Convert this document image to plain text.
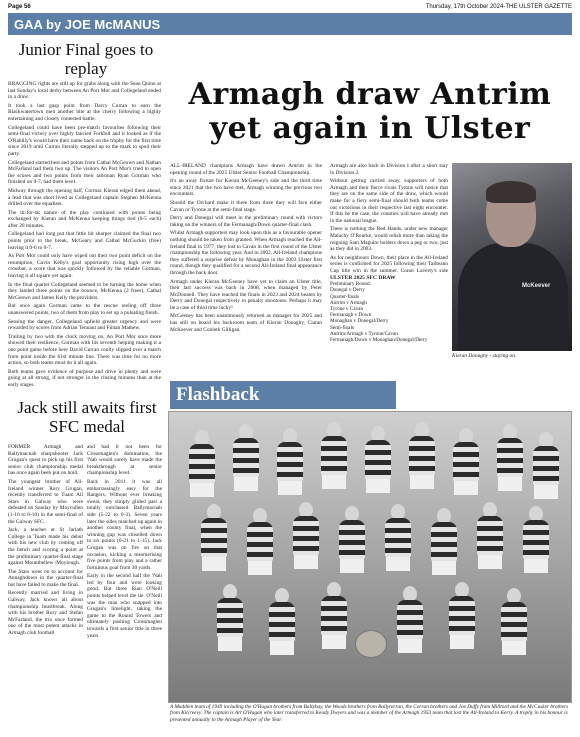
Page 56	Thursday, 17th October 2024-THE ULSTER GAZETTE
GAA by JOE McMANUS
Junior Final goes to replay

BRAGGING rights are still up for grabs along with the Sean Quinn at last Sunday's local derby between An Port Mor and Collegeland ended in a draw.

It took a last gasp point from Darcy Curran to earn the Blackwatertown men another bite at the cherry following a highly entertaining and closely contested battle.

Collegeland could have been pre-match favourites following their semi-final victory over highly fancied Forkhill and it looked as if the O'Rahilly's would have their name back on the trophy for the first time since 2019 until Curran literally stepped up to the mark to spoil their party.

Collegeland started best and points from Cathal McGeown and Nathan McFarland had them two up. The visitors An Port Mor's tried to open the scores and two points from their talisman Ryan Gorman who finished on 0-7, had them level.

Midway through the opening half, Cormac Kieran edged them ahead, a lead that was short lived as Collegeland captain Stephen McKenna drilled over the equaliser.

The tit-for-tat nature of the play continued with points being exchanged by Kieran and McKenna keeping things tied (0-5 each) after 20 minutes.

Collegeland had long put that little bit sharper claimed the final two points prior to the break, McGeary and Cathal McGuckin (free) leaving it 0-6 to 0-7.

As Port Mor could only have wiped out their two point deficit on the resumption, Gavin Kelly's goal opportunity rising high over the crossbar, a score that was quickly followed by the reliable Gorman, leaving it all square yet again.

In the final quarter Collegeland seemed to be turning the home when they landed three points on the bounce, McKenna (2 frees), Cathal McGeown and James Kelly the providers.

But once again Gorman came to the rescue reeling off three unanswered points, two of them from play to set up a pulsating finish.

Sensing the danger, Collegeland upfield greater urgency and were rewarded by scores from Adrian Tennant and Fintan Mathew.

Trailing by two with the clock moving on, An Port Mor once more showed their resilience, Gorman with his seventh helping making it a one point game before here David Curran coolly slipped over a match from point inside the 61st minute line. There was time for no more action, so both teams must do it all again.

Both teams gave evidence of purpose and drive in plenty and were going at all strong, if not stronger in the closing minutes than at the early stages.

Armagh draw Antrim yet again in Ulster

ALL-IRELAND champions Armagh have drawn Antrim in the opening round of the 2025 Ulster Senior Football Championship.

It's an away fixture for Kieran McGeeney's side and the third time since 2021 that the two have met, Armagh winning the previous two encounters.

Should the Orchard make it three from three they will face either Cavan or Tyrone at the semi-final stage.

Derry and Donegal will meet in the preliminary round with victors taking on the winners of the Fermanagh/Down quarter-final clash.

Whilst Armagh supporters may look upon this as a favourable opener nothing should be taken from granted. When Armagh reached the All-Ireland final in 1977, they lost to Cavan in the first round of the Ulster championship the following year. And in 2002, All-Ireland champions they suffered a surprise defeat by Monaghan in the 2003 Ulster first round, though they qualified for a second All-Ireland final appearance through the back door.

Armagh under Kieran McGeeney have yet to claim an Ulster title, their last success was back in 2008, when managed by Peter McDonnell. They have reached the finals in 2023 and 2024 beaten by Derry and Donegal respectively in penalty shootouts. Perhaps it may be a case of third time lucky!

McGeeney has been unanimously returned as manager for 2025 and has still on board his backroom team of Kieran Donaghy, Ciaran McKeever and Conleth Gilligan.

Armagh are also back in Division I after a short stay in Division 2.

Without getting carried away, supporters of both Armagh and their fierce rivals Tyrone will notice that they are on the same side of the draw, which would make for a fiery semi-final should both teams come out victorious in their respective last eight encounter. If this be the case, the counties will have already met in the national league.

There is nothing the Red Hands, under new manager Malachy O'Rourke, would relish more than taking the reigning Sam Maguire holders down a peg or two, just as they did in 2003.

As for neighbours Down, their place in the All-Ireland series is confirmed for 2025 following their Tailteann Cup title win in the summer. Conor Laverty's side

ULSTER 2025 SFC DRAW
Preliminary Round:
Donegal v Derry
Quarter-finals
Antrim v Armagh
Tyrone v Cavan
Fermanagh v Down
Monaghan v Donegal/Derry
Semi-finals
Antrim/Armagh v Tyrone/Cavan
Fermanagh/Down v Monaghan/Donegal/Derry
McKeever
Kieran Donaghy - staying on.
Jack still awaits first SFC medal

FORMER Armagh and Ballymacnab sharpshooter Jack Grugan's quest to pick up his first senior club championship medal has once again been put on hold.

The youngest brother of All-Ireland winner Rory Grugan, recently transferred to Tuam All Stars in Galway who were defeated on Sunday by Moycullen (1-10 to 0-10) in the semi-final of the Galway SFC.

Jack, a teacher at St Jarlath College in Tuam made his debut with his new club by coming off the bench and scoring a point at the preliminary quarter-final stage against Mountbellew /Moylough.

The Stars went on to account for Annaghdown in the quarter-final but have failed to make the final.

Recently married and living in Galway, Jack knows all about championship heartbreak. Along with his brother Rory and Stefan McFarland, the trio once formed one of the most potent attacks in Armagh club football

and had it not been for Crossmaglen's domination, the 'Nab would surely have made the breakthrough at senior championship level.

Back in 2011 it was all embarrassingly easy for the Rangers. Without ever breaking sweat, they simply glided past a totally outclassed Ballymacnab side (5-22 to 0-3). Seven years later the sides matched up again in another county final, when the winning gap was chiselled down to six points (0-21 to 1-15). Jack Grugan was on fire on that occasion, kicking a mesmerising five points from play and a rather fortuitous goal from 30 yards.

Early in the second half the 'Nab led by four and were looking good. But three Rian O'Neill points helped level the tie. O'Neill was the man who snapped into Grugan's limelight, taking the game to the Round Towers and ultimately pushing Crossmaglen towards a first senior title in three years.

Flashback
A Maddlen team of 1949 including the O'Hagan brothers from Ballybay, the Woods brothers from Ballytorran, the Corran brothers and Joe Duffy from Milltord and the McCusker brothers from Kilcreevy. The captain is Art O'Hagan who later transferred to Keady Dwyers and was a member of the Armagh 1953 team that lost the All-Ireland to Kerry. A trophy in his honour is presented annually to the Armagh Player of the Year.
